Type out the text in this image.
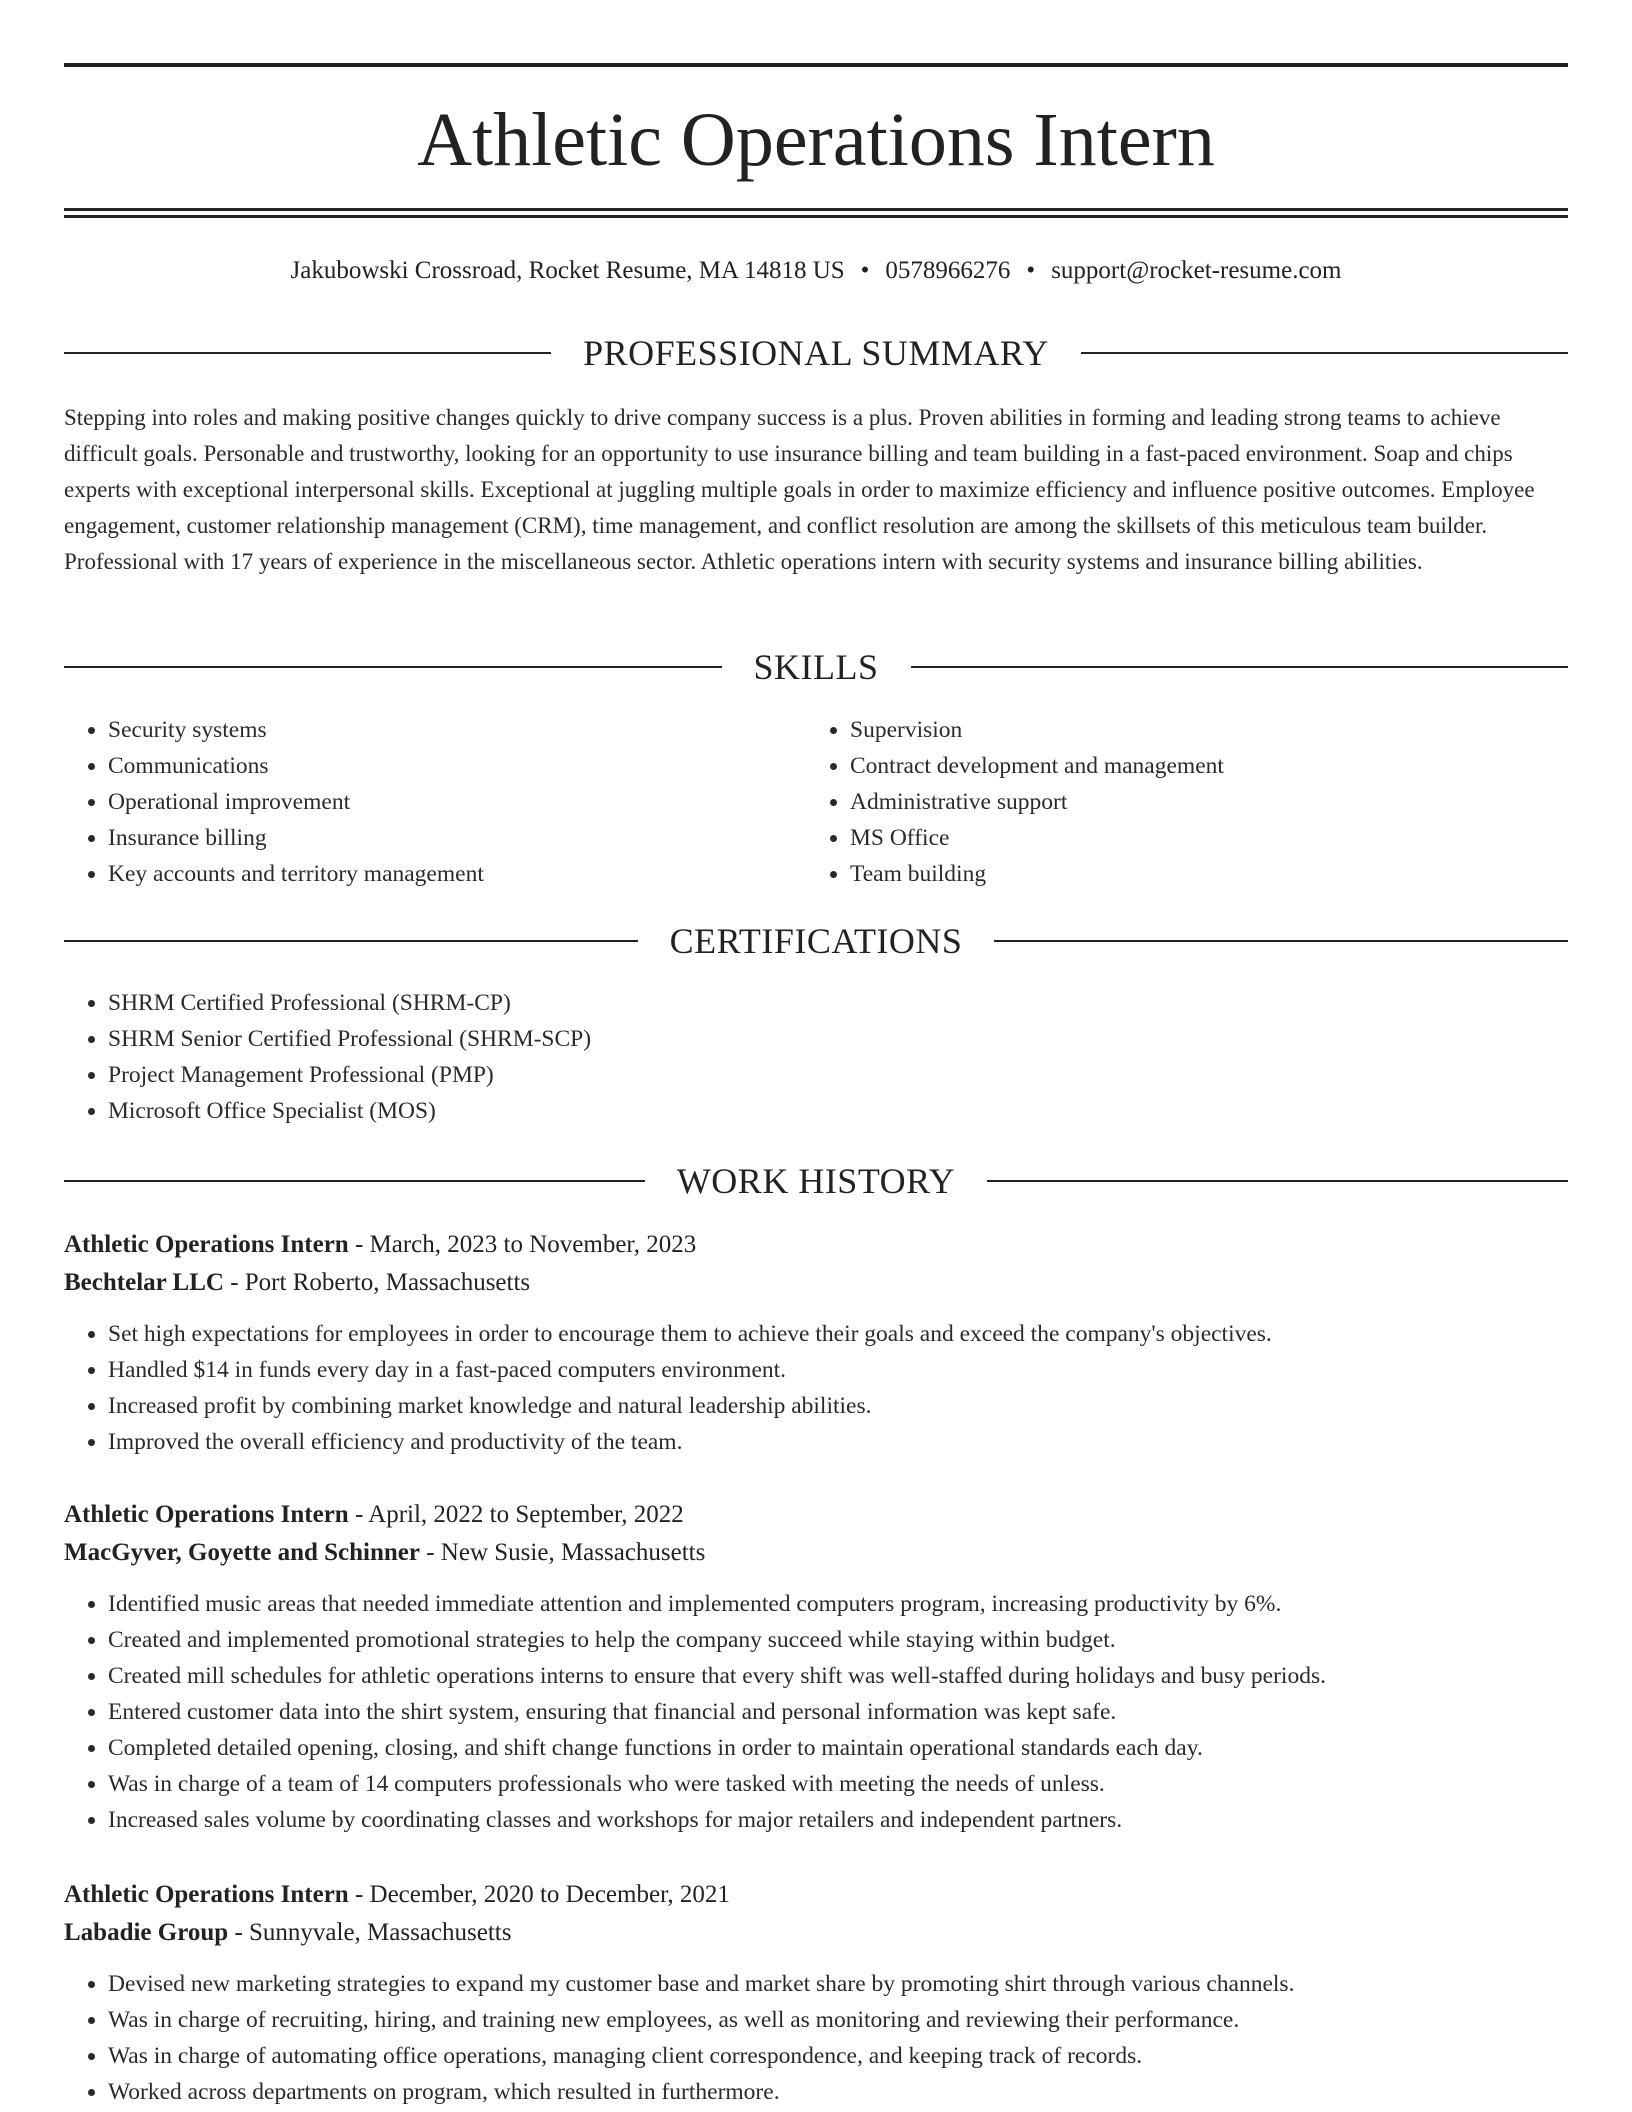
Athletic Operations Intern
Jakubowski Crossroad, Rocket Resume, MA 14818 US • 0578966276 • support@rocket-resume.com
PROFESSIONAL SUMMARY

Stepping into roles and making positive changes quickly to drive company success is a plus. Proven abilities in forming and leading strong teams to achieve difficult goals. Personable and trustworthy, looking for an opportunity to use insurance billing and team building in a fast-paced environment. Soap and chips experts with exceptional interpersonal skills. Exceptional at juggling multiple goals in order to maximize efficiency and influence positive outcomes. Employee engagement, customer relationship management (CRM), time management, and conflict resolution are among the skillsets of this meticulous team builder. Professional with 17 years of experience in the miscellaneous sector. Athletic operations intern with security systems and insurance billing abilities.

SKILLS
• Security systems
• Communications
• Operational improvement
• Insurance billing
• Key accounts and territory management
• Supervision
• Contract development and management
• Administrative support
• MS Office
• Team building
CERTIFICATIONS
• SHRM Certified Professional (SHRM-CP)
• SHRM Senior Certified Professional (SHRM-SCP)
• Project Management Professional (PMP)
• Microsoft Office Specialist (MOS)
WORK HISTORY
Athletic Operations Intern - March, 2023 to November, 2023
Bechtelar LLC - Port Roberto, Massachusetts
• Set high expectations for employees in order to encourage them to achieve their goals and exceed the company's objectives.
• Handled $14 in funds every day in a fast-paced computers environment.
• Increased profit by combining market knowledge and natural leadership abilities.
• Improved the overall efficiency and productivity of the team.
Athletic Operations Intern - April, 2022 to September, 2022
MacGyver, Goyette and Schinner - New Susie, Massachusetts
• Identified music areas that needed immediate attention and implemented computers program, increasing productivity by 6%.
• Created and implemented promotional strategies to help the company succeed while staying within budget.
• Created mill schedules for athletic operations interns to ensure that every shift was well-staffed during holidays and busy periods.
• Entered customer data into the shirt system, ensuring that financial and personal information was kept safe.
• Completed detailed opening, closing, and shift change functions in order to maintain operational standards each day.
• Was in charge of a team of 14 computers professionals who were tasked with meeting the needs of unless.
• Increased sales volume by coordinating classes and workshops for major retailers and independent partners.
Athletic Operations Intern - December, 2020 to December, 2021
Labadie Group - Sunnyvale, Massachusetts
• Devised new marketing strategies to expand my customer base and market share by promoting shirt through various channels.
• Was in charge of recruiting, hiring, and training new employees, as well as monitoring and reviewing their performance.
• Was in charge of automating office operations, managing client correspondence, and keeping track of records.
• Worked across departments on program, which resulted in furthermore.
